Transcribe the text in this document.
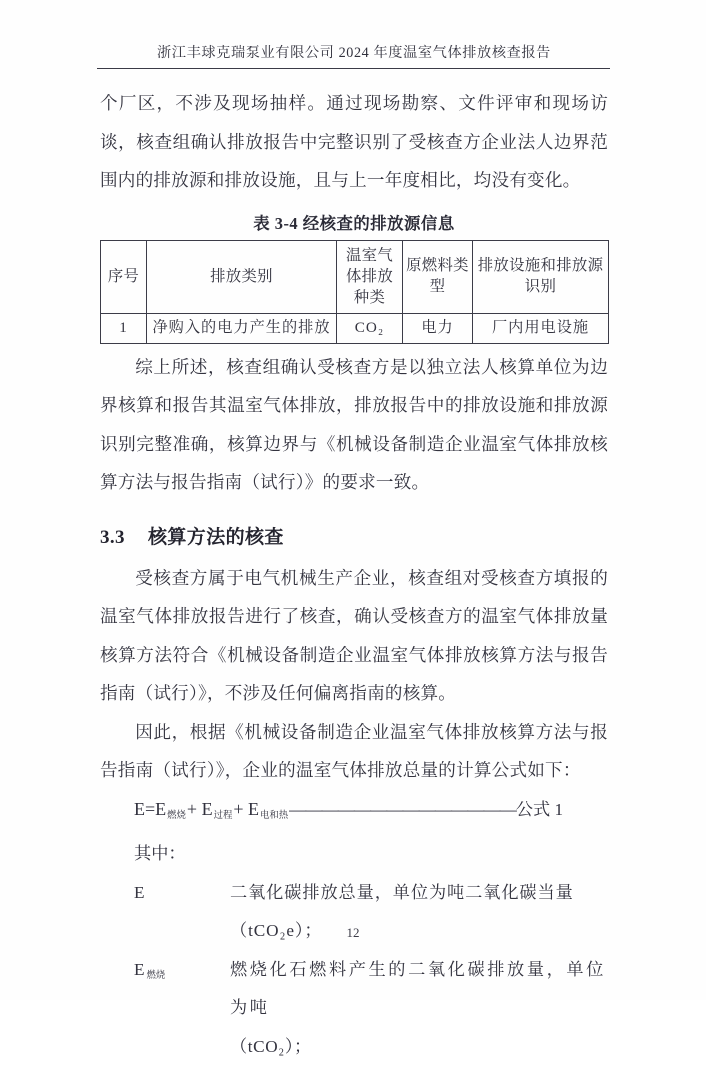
浙江丰球克瑞泵业有限公司 2024 年度温室气体排放核查报告

个厂区，不涉及现场抽样。通过现场勘察、文件评审和现场访谈，核查组确认排放报告中完整识别了受核查方企业法人边界范围内的排放源和排放设施，且与上一年度相比，均没有变化。

表 3-4 经核查的排放源信息
序号	排放类别	温室气体排放种类	原燃料类型	排放设施和排放源识别
1	净购入的电力产生的排放	CO₂	电力	厂内用电设施

综上所述，核查组确认受核查方是以独立法人核算单位为边界核算和报告其温室气体排放，排放报告中的排放设施和排放源识别完整准确，核算边界与《机械设备制造企业温室气体排放核算方法与报告指南（试行）》的要求一致。

3.3 核算方法的核查

受核查方属于电气机械生产企业，核查组对受核查方填报的温室气体排放报告进行了核查，确认受核查方的温室气体排放量核算方法符合《机械设备制造企业温室气体排放核算方法与报告指南（试行）》，不涉及任何偏离指南的核算。

因此，根据《机械设备制造企业温室气体排放核算方法与报告指南（试行）》，企业的温室气体排放总量的计算公式如下：

E=E燃烧+ E过程+ E电和热——————————————公式 1
其中：
E	二氧化碳排放总量，单位为吨二氧化碳当量（tCO₂e）；
E燃烧	燃烧化石燃料产生的二氧化碳排放量，单位为吨
（tCO₂）；
12
